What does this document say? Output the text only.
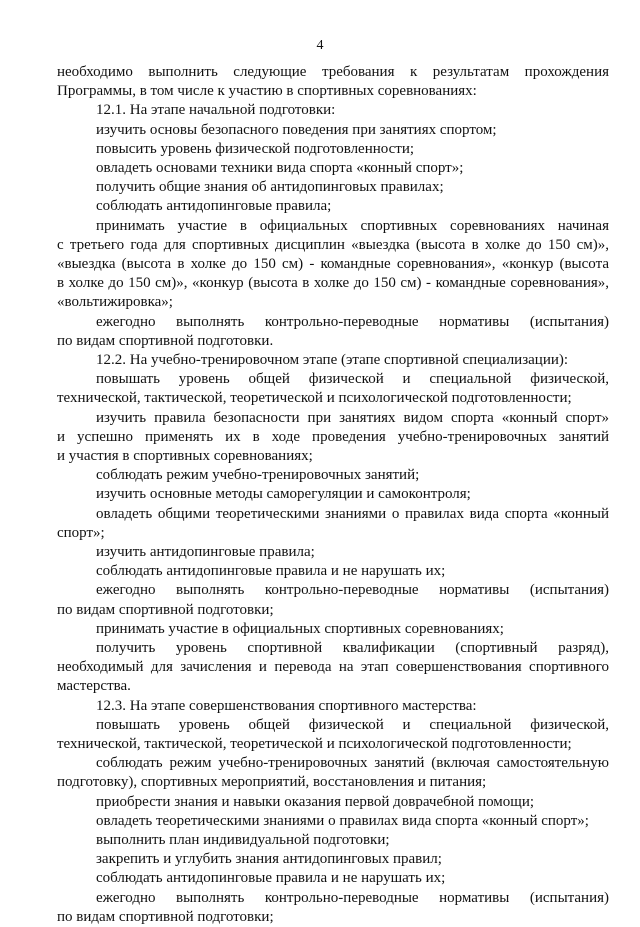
4
необходимо выполнить следующие требования к результатам прохождения
Программы, в том числе к участию в спортивных соревнованиях:
12.1. На этапе начальной подготовки:
изучить основы безопасного поведения при занятиях спортом;
повысить уровень физической подготовленности;
овладеть основами техники вида спорта «конный спорт»;
получить общие знания об антидопинговых правилах;
соблюдать антидопинговые правила;
принимать участие в официальных спортивных соревнованиях начиная
с третьего года для спортивных дисциплин «выездка (высота в холке до 150 см)»,
«выездка (высота в холке до 150 см) - командные соревнования», «конкур (высота
в холке до 150 см)», «конкур (высота в холке до 150 см) - командные соревнования»,
«вольтижировка»;
ежегодно выполнять контрольно-переводные нормативы (испытания)
по видам спортивной подготовки.
12.2. На учебно-тренировочном этапе (этапе спортивной специализации):
повышать уровень общей физической и специальной физической,
технической, тактической, теоретической и психологической подготовленности;
изучить правила безопасности при занятиях видом спорта «конный спорт»
и успешно применять их в ходе проведения учебно-тренировочных занятий
и участия в спортивных соревнованиях;
соблюдать режим учебно-тренировочных занятий;
изучить основные методы саморегуляции и самоконтроля;
овладеть общими теоретическими знаниями о правилах вида спорта «конный
спорт»;
изучить антидопинговые правила;
соблюдать антидопинговые правила и не нарушать их;
ежегодно выполнять контрольно-переводные нормативы (испытания)
по видам спортивной подготовки;
принимать участие в официальных спортивных соревнованиях;
получить уровень спортивной квалификации (спортивный разряд),
необходимый для зачисления и перевода на этап совершенствования спортивного
мастерства.
12.3. На этапе совершенствования спортивного мастерства:
повышать уровень общей физической и специальной физической,
технической, тактической, теоретической и психологической подготовленности;
соблюдать режим учебно-тренировочных занятий (включая самостоятельную
подготовку), спортивных мероприятий, восстановления и питания;
приобрести знания и навыки оказания первой доврачебной помощи;
овладеть теоретическими знаниями о правилах вида спорта «конный спорт»;
выполнить план индивидуальной подготовки;
закрепить и углубить знания антидопинговых правил;
соблюдать антидопинговые правила и не нарушать их;
ежегодно выполнять контрольно-переводные нормативы (испытания)
по видам спортивной подготовки;
